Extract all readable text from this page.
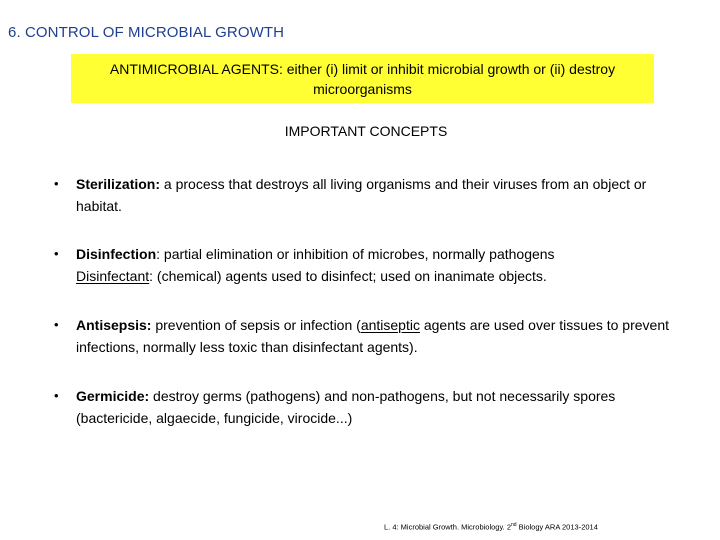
6. CONTROL OF MICROBIAL GROWTH
ANTIMICROBIAL AGENTS: either (i) limit or inhibit microbial growth or (ii) destroy microorganisms
IMPORTANT CONCEPTS
• Sterilization: a process that destroys all living organisms and their viruses from an object or habitat.
• Disinfection: partial elimination or inhibition of microbes, normally pathogens
Disinfectant: (chemical) agents used to disinfect; used on inanimate objects.
• Antisepsis: prevention of sepsis or infection (antiseptic agents are used over tissues to prevent infections, normally less toxic than disinfectant agents).
• Germicide: destroy germs (pathogens) and non-pathogens, but not necessarily spores (bactericide, algaecide, fungicide, virocide...)
L. 4: Microbial Growth. Microbiology. 2nd Biology ARA 2013-2014
